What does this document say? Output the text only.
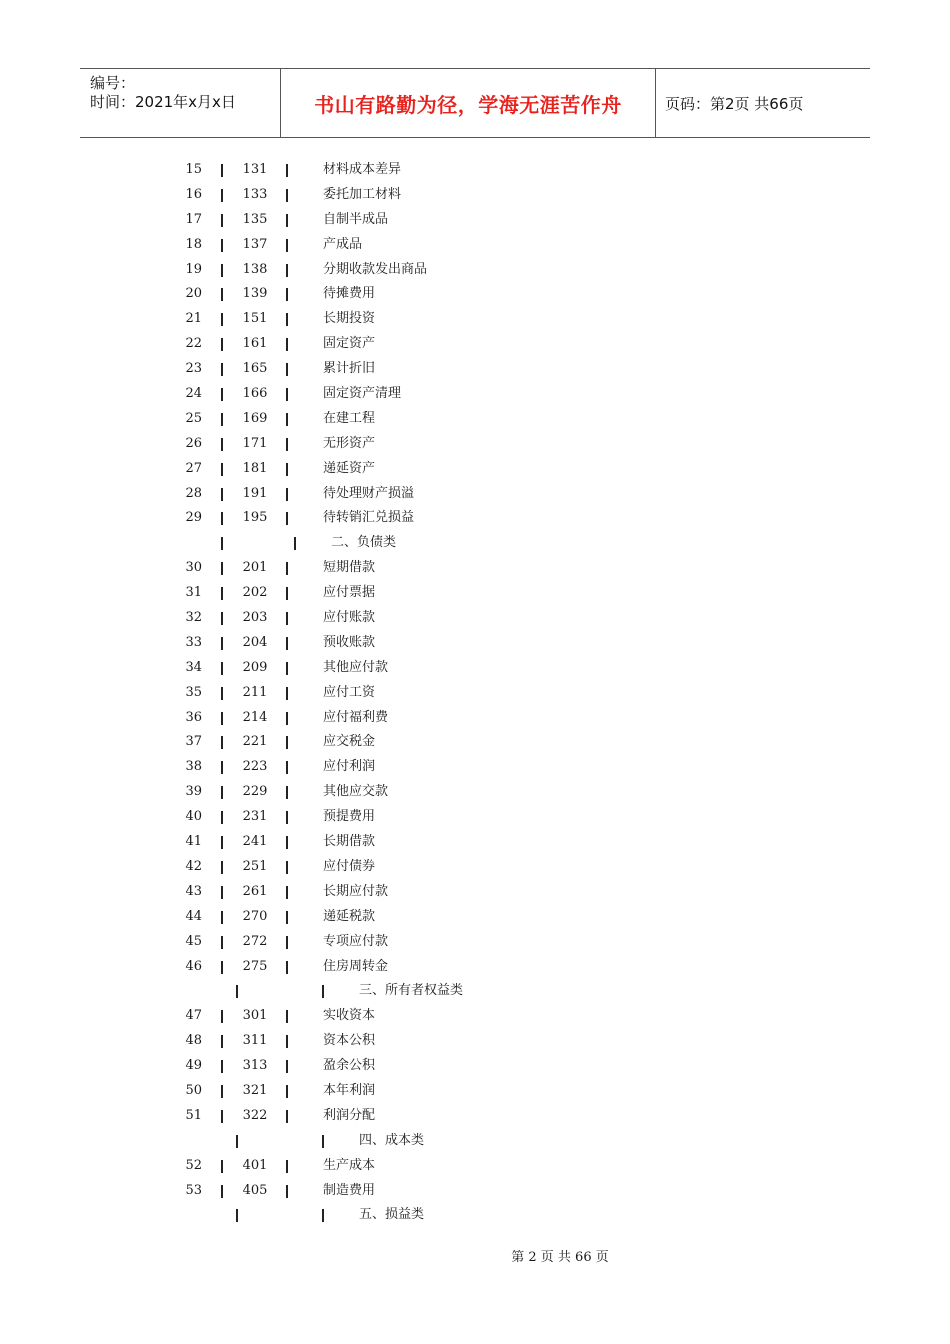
编号：
时间：2021年x月x日	书山有路勤为径，学海无涯苦作舟	页码：第2页 共66页
15	131	材料成本差异
16	133	委托加工材料
17	135	自制半成品
18	137	产成品
19	138	分期收款发出商品
20	139	待摊费用
21	151	长期投资
22	161	固定资产
23	165	累计折旧
24	166	固定资产清理
25	169	在建工程
26	171	无形资产
27	181	递延资产
28	191	待处理财产损溢
29	195	待转销汇兑损益
二、负债类
30	201	短期借款
31	202	应付票据
32	203	应付账款
33	204	预收账款
34	209	其他应付款
35	211	应付工资
36	214	应付福利费
37	221	应交税金
38	223	应付利润
39	229	其他应交款
40	231	预提费用
41	241	长期借款
42	251	应付债券
43	261	长期应付款
44	270	递延税款
45	272	专项应付款
46	275	住房周转金
三、所有者权益类
47	301	实收资本
48	311	资本公积
49	313	盈余公积
50	321	本年利润
51	322	利润分配
四、成本类
52	401	生产成本
53	405	制造费用
五、损益类
第 2 页 共 66 页
